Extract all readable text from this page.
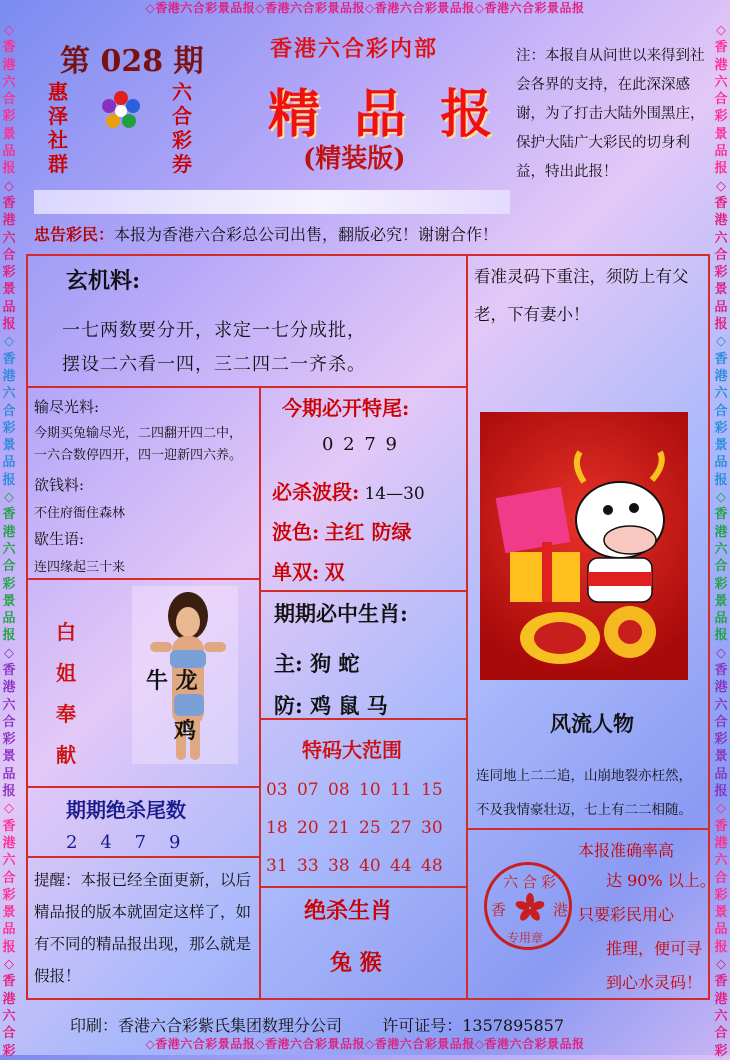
◇香港六合彩景品报◇香港六合彩景品报◇香港六合彩景品报◇香港六合彩景品报
◇香港六合彩景品报◇香港六合彩景品报◇香港六合彩景品报◇香港六合彩景品报
◇
香
港
六
合
彩
景
品
报
◇
香
港
六
合
彩
景
品
报
◇
香
港
六
合
彩
景
品
报
◇
香
港
六
合
彩
景
品
报
◇
香
港
六
合
彩
景
品
报
◇
香
港
六
合
彩
景
品
报
◇
香
港
六
合
彩
◇
香
港
六
合
彩
景
品
报
◇
香
港
六
合
彩
景
品
报
◇
香
港
六
合
彩
景
品
报
◇
香
港
六
合
彩
景
品
报
◇
香
港
六
合
彩
景
品
报
◇
香
港
六
合
彩
景
品
报
◇
香
港
六
合
彩
第 028 期
惠
泽
社
群
六
合
彩
券
香港六合彩内部
精 品 报
(精装版)
注：本报自从问世以来得到社会各界的支持，在此深深感谢，为了打击大陆外围黑庄，保护大陆广大彩民的切身利益，特出此报！
忠告彩民：本报为香港六合彩总公司出售，翻版必究！谢谢合作！
玄机料:
一七两数要分开，求定一七分成批，
摆设二六看一四，三二四二一齐杀。
看准灵码下重注，须防上有父老，下有妻小！
输尽光料:
今期买兔输尽光，二四翻开四二中，
一六合数停四开，四一迎新四六养。
欲钱料:
不住府衙住森林
歇生语:
连四缘起三十来
今期必开特尾:
0 2 7 9
必杀波段: 14—30
波色: 主红 防绿
单双: 双
白
姐
奉
献
牛 龙
鸡
期期必中生肖:
主: 狗 蛇
防: 鸡 鼠 马
期期绝杀尾数
2    4    7    9
特码大范围
03 07 08 10 11 15
18 20 21 25 27 30
31 33 38 40 44 48
风流人物
连同地上二二追，山崩地裂亦枉然，
不及我情豪壮迈，七上有二二相随。
提醒：本报已经全面更新，以后精品报的版本就固定这样了，如有不同的精品报出现，那么就是假报！
绝杀生肖
兔 猴
本报准确率高
达 90% 以上。
只要彩民用心
推理，便可寻
到心水灵码！
六合彩
香	港
专用章
印刷：香港六合彩紫氏集团数理分公司	许可证号：1357895857
